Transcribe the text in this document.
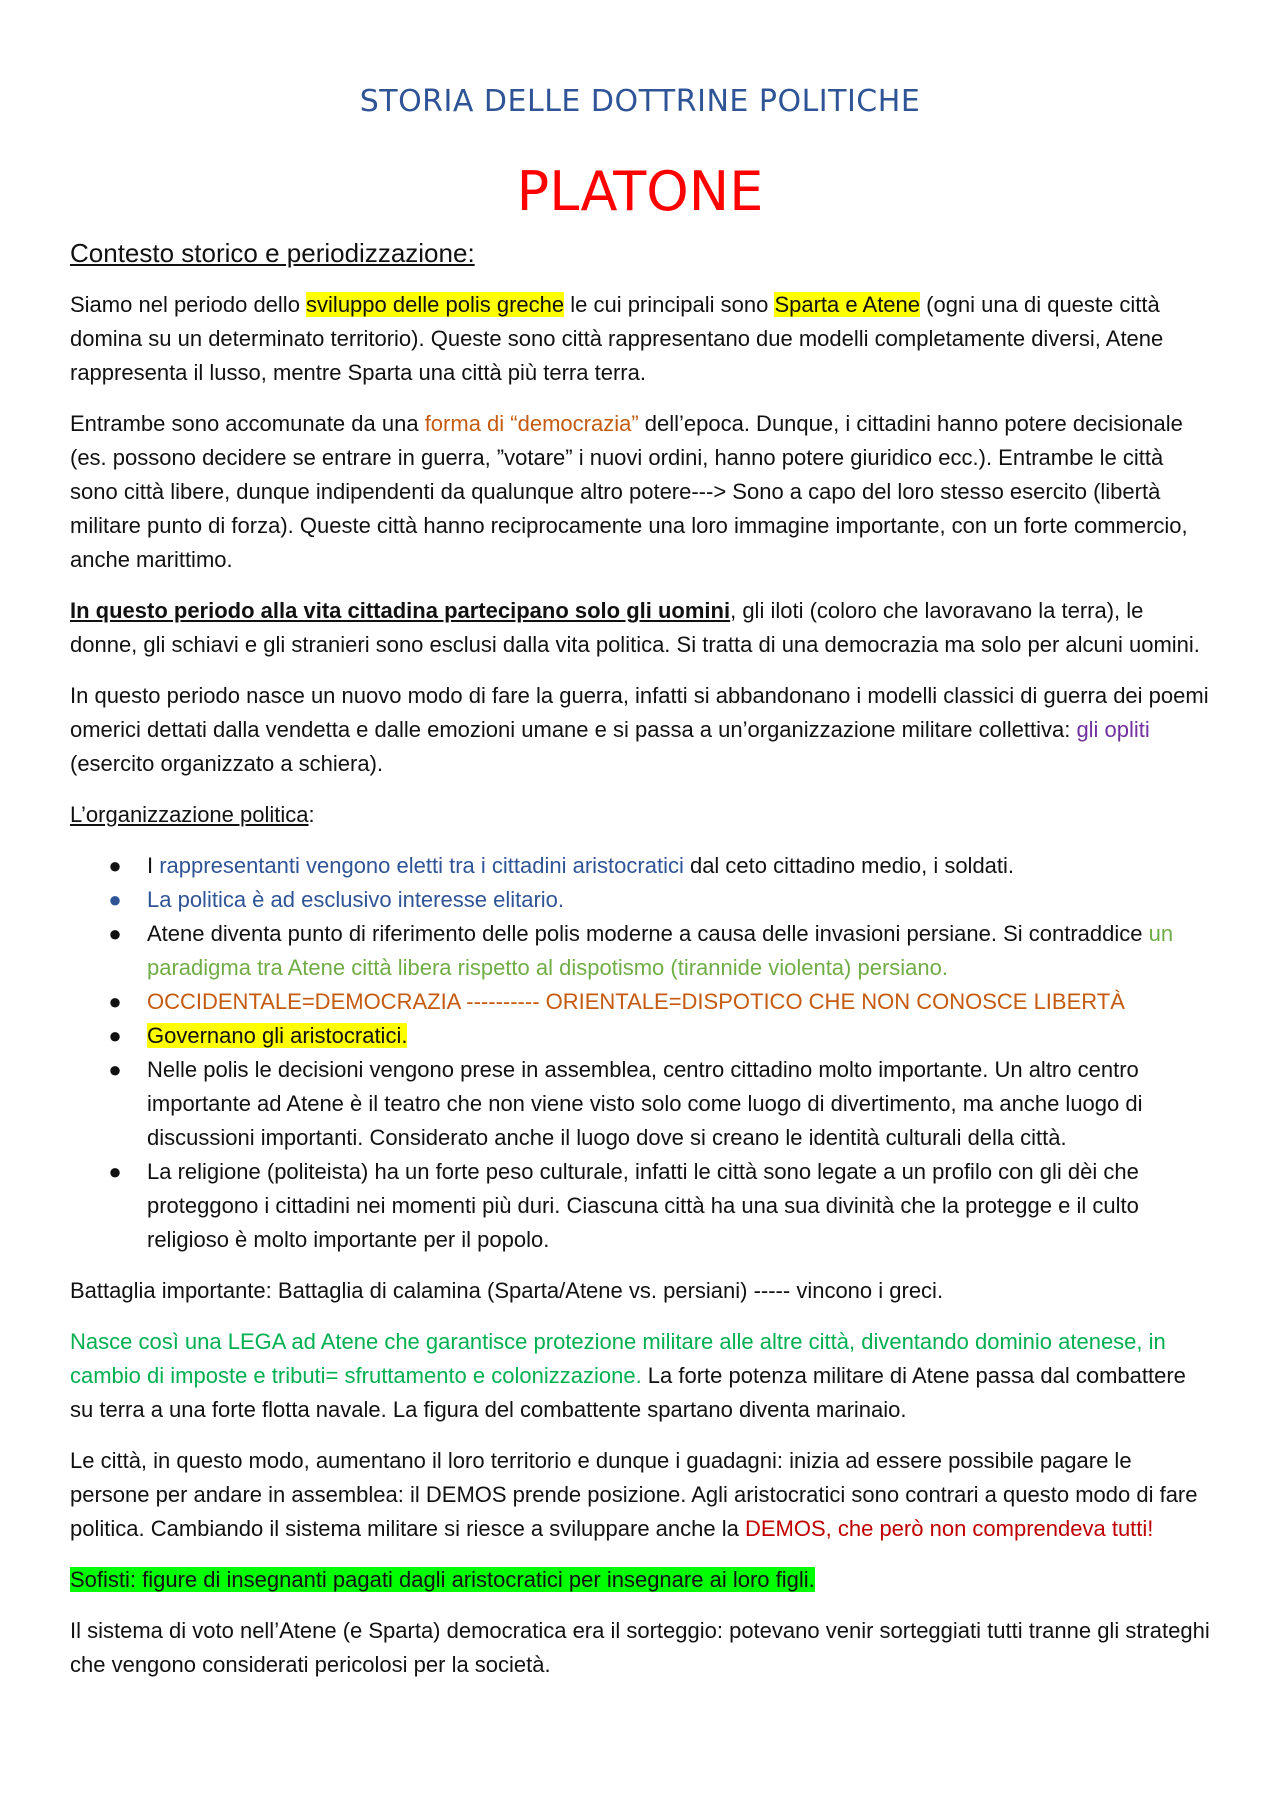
STORIA DELLE DOTTRINE POLITICHE
PLATONE
Contesto storico e periodizzazione:

Siamo nel periodo dello sviluppo delle polis greche le cui principali sono Sparta e Atene (ogni una di queste città domina su un determinato territorio). Queste sono città rappresentano due modelli completamente diversi, Atene rappresenta il lusso, mentre Sparta una città più terra terra.

Entrambe sono accomunate da una forma di “democrazia” dell’epoca. Dunque, i cittadini hanno potere decisionale (es. possono decidere se entrare in guerra, ”votare” i nuovi ordini, hanno potere giuridico ecc.). Entrambe le città sono città libere, dunque indipendenti da qualunque altro potere---> Sono a capo del loro stesso esercito (libertà militare punto di forza). Queste città hanno reciprocamente una loro immagine importante, con un forte commercio, anche marittimo.

In questo periodo alla vita cittadina partecipano solo gli uomini, gli iloti (coloro che lavoravano la terra), le donne, gli schiavi e gli stranieri sono esclusi dalla vita politica. Si tratta di una democrazia ma solo per alcuni uomini.

In questo periodo nasce un nuovo modo di fare la guerra, infatti si abbandonano i modelli classici di guerra dei poemi omerici dettati dalla vendetta e dalle emozioni umane e si passa a un’organizzazione militare collettiva: gli opliti (esercito organizzato a schiera).

L’organizzazione politica:

● I rappresentanti vengono eletti tra i cittadini aristocratici dal ceto cittadino medio, i soldati.
● La politica è ad esclusivo interesse elitario.
● Atene diventa punto di riferimento delle polis moderne a causa delle invasioni persiane. Si contraddice un paradigma tra Atene città libera rispetto al dispotismo (tirannide violenta) persiano.
● OCCIDENTALE=DEMOCRAZIA ---------- ORIENTALE=DISPOTICO CHE NON CONOSCE LIBERTÀ
● Governano gli aristocratici.
● Nelle polis le decisioni vengono prese in assemblea, centro cittadino molto importante. Un altro centro importante ad Atene è il teatro che non viene visto solo come luogo di divertimento, ma anche luogo di discussioni importanti. Considerato anche il luogo dove si creano le identità culturali della città.
● La religione (politeista) ha un forte peso culturale, infatti le città sono legate a un profilo con gli dèi che proteggono i cittadini nei momenti più duri. Ciascuna città ha una sua divinità che la protegge e il culto religioso è molto importante per il popolo.

Battaglia importante: Battaglia di calamina (Sparta/Atene vs. persiani) ----- vincono i greci.

Nasce così una LEGA ad Atene che garantisce protezione militare alle altre città, diventando dominio atenese, in cambio di imposte e tributi= sfruttamento e colonizzazione. La forte potenza militare di Atene passa dal combattere su terra a una forte flotta navale. La figura del combattente spartano diventa marinaio.

Le città, in questo modo, aumentano il loro territorio e dunque i guadagni: inizia ad essere possibile pagare le persone per andare in assemblea: il DEMOS prende posizione. Agli aristocratici sono contrari a questo modo di fare politica. Cambiando il sistema militare si riesce a sviluppare anche la DEMOS, che però non comprendeva tutti!

Sofisti: figure di insegnanti pagati dagli aristocratici per insegnare ai loro figli.

Il sistema di voto nell’Atene (e Sparta) democratica era il sorteggio: potevano venir sorteggiati tutti tranne gli strateghi che vengono considerati pericolosi per la società.
